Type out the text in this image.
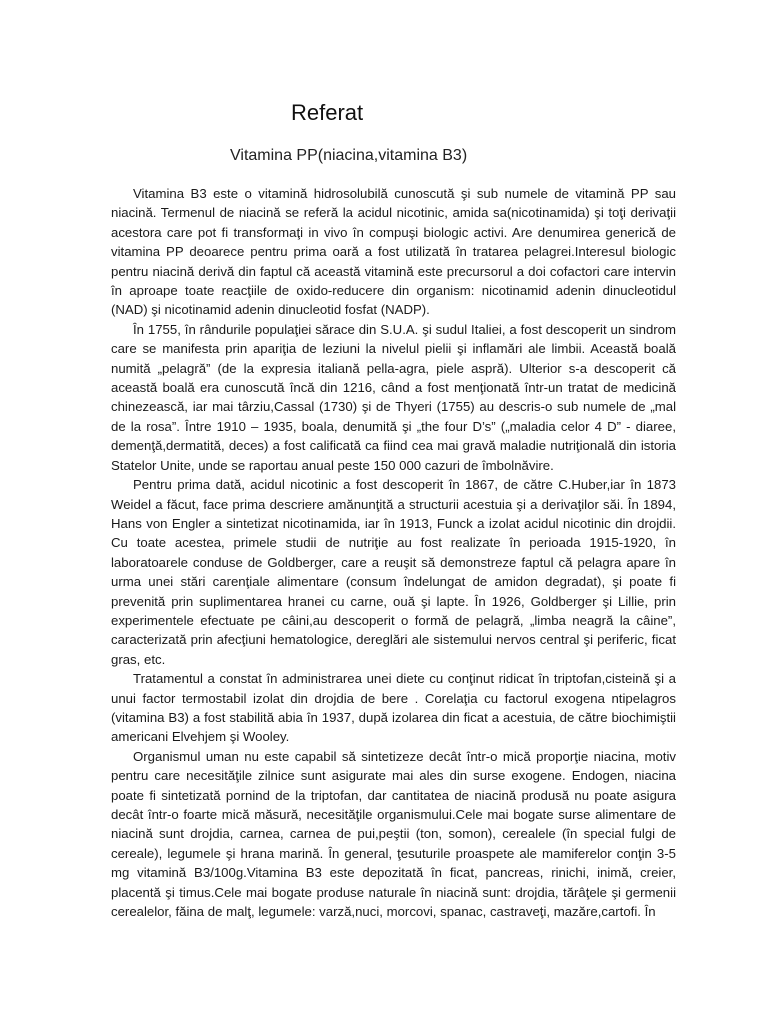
Referat
Vitamina PP(niacina,vitamina B3)

Vitamina B3 este o vitamină hidrosolubilă cunoscută şi sub numele de vitamină PP sau niacină. Termenul de niacină se referă la acidul nicotinic, amida sa(nicotinamida) şi toţi derivaţii acestora care pot fi transformaţi in vivo în compuşi biologic activi. Are denumirea generică de vitamina PP deoarece pentru prima oară a fost utilizată în tratarea pelagrei.Interesul biologic pentru niacină derivă din faptul că această vitamină este precursorul a doi cofactori care intervin în aproape toate reacţiile de oxido-reducere din organism: nicotinamid adenin dinucleotidul (NAD) şi nicotinamid adenin dinucleotid fosfat (NADP).

În 1755, în rândurile populaţiei sărace din S.U.A. şi sudul Italiei, a fost descoperit un sindrom care se manifesta prin apariţia de leziuni la nivelul pielii şi inflamări ale limbii. Această boală numită „pelagră” (de la expresia italiană pella-agra, piele aspră). Ulterior s-a descoperit că această boală era cunoscută încă din 1216, când a fost menţionată într-un tratat de medicină chinezească, iar mai târziu,Cassal (1730) şi de Thyeri (1755) au descris-o sub numele de „mal de la rosa”. Între 1910 – 1935, boala, denumită şi „the four D’s” („maladia celor 4 D” - diaree, demenţă,dermatită, deces) a fost calificată ca fiind cea mai gravă maladie nutriţională din istoria Statelor Unite, unde se raportau anual peste 150 000 cazuri de îmbolnăvire.

Pentru prima dată, acidul nicotinic a fost descoperit în 1867, de către C.Huber,iar în 1873 Weidel a făcut, face prima descriere amănunţită a structurii acestuia şi a derivaţilor săi. În 1894, Hans von Engler a sintetizat nicotinamida, iar în 1913, Funck a izolat acidul nicotinic din drojdii. Cu toate acestea, primele studii de nutriţie au fost realizate în perioada 1915-1920, în laboratoarele conduse de Goldberger, care a reuşit să demonstreze faptul că pelagra apare în urma unei stări carenţiale alimentare (consum îndelungat de amidon degradat), şi poate fi prevenită prin suplimentarea hranei cu carne, ouă şi lapte. În 1926, Goldberger şi Lillie, prin experimentele efectuate pe câini,au descoperit o formă de pelagră, „limba neagră la câine”, caracterizată prin afecţiuni hematologice, dereglări ale sistemului nervos central şi periferic, ficat gras, etc.

Tratamentul a constat în administrarea unei diete cu conţinut ridicat în triptofan,cisteină şi a unui factor termostabil izolat din drojdia de bere . Corelaţia cu factorul exogena ntipelagros (vitamina B3) a fost stabilită abia în 1937, după izolarea din ficat a acestuia, de către biochimiştii americani Elvehjem şi Wooley.

Organismul uman nu este capabil să sintetizeze decât într-o mică proporţie niacina, motiv pentru care necesităţile zilnice sunt asigurate mai ales din surse exogene. Endogen, niacina poate fi sintetizată pornind de la triptofan, dar cantitatea de niacină produsă nu poate asigura decât într-o foarte mică măsură, necesităţile organismului.Cele mai bogate surse alimentare de niacină sunt drojdia, carnea, carnea de pui,peştii (ton, somon), cerealele (în special fulgi de cereale), legumele şi hrana marină. În general, ţesuturile proaspete ale mamiferelor conţin 3-5 mg vitamină B3/100g.Vitamina B3 este depozitată în ficat, pancreas, rinichi, inimă, creier, placentă şi timus.Cele mai bogate produse naturale în niacină sunt: drojdia, tărâţele şi germenii cerealelor, făina de malţ, legumele: varză,nuci, morcovi, spanac, castraveţi, mazăre,cartofi. În
